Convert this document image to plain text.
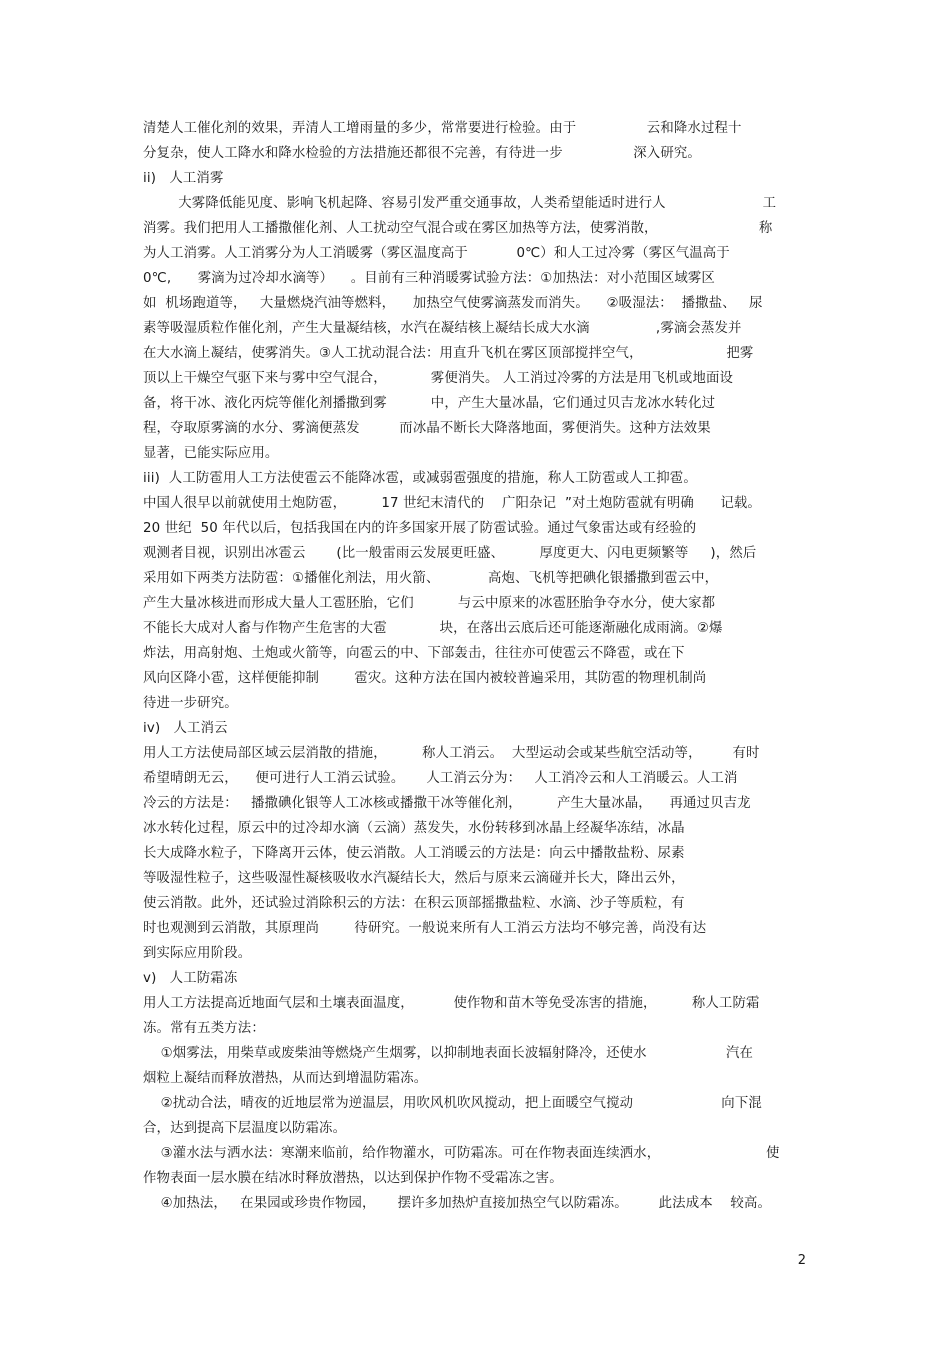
清楚人工催化剂的效果，弄清人工增雨量的多少，常常要进行检验。由于                云和降水过程十
分复杂，使人工降水和降水检验的方法措施还都很不完善，有待进一步                深入研究。
ii)   人工消雾
大雾降低能见度、影响飞机起降、容易引发严重交通事故，人类希望能适时进行人                      工
消雾。我们把用人工播撒催化剂、人工扰动空气混合或在雾区加热等方法，使雾消散，                       称
为人工消雾。人工消雾分为人工消暖雾（雾区温度高于           0℃）和人工过冷雾（雾区气温高于
0℃,      雾滴为过冷却水滴等）    。目前有三种消暖雾试验方法：①加热法：对小范围区域雾区
如  机场跑道等，   大量燃烧汽油等燃料，    加热空气使雾滴蒸发而消失。    ②吸湿法：  播撒盐、   尿
素等吸湿质粒作催化剂，产生大量凝结核，水汽在凝结核上凝结长成大水滴               ,雾滴会蒸发并
在大水滴上凝结，使雾消失。③人工扰动混合法：用直升飞机在雾区顶部搅拌空气，                   把雾
顶以上干燥空气驱下来与雾中空气混合，          雾便消失。 人工消过冷雾的方法是用飞机或地面设
备，将干冰、液化丙烷等催化剂播撒到雾          中，产生大量冰晶，它们通过贝吉龙冰水转化过
程，夺取原雾滴的水分、雾滴便蒸发         而冰晶不断长大降落地面，雾便消失。这种方法效果
显著，已能实际应用。
iii)  人工防雹用人工方法使雹云不能降冰雹，或减弱雹强度的措施，称人工防雹或人工抑雹。
中国人很早以前就使用土炮防雹，        17 世纪末清代的    广阳杂记  ”对土炮防雹就有明确      记载。
20 世纪  50 年代以后，包括我国在内的许多国家开展了防雹试验。通过气象雷达或有经验的
观测者目视，识别出冰雹云       (比一般雷雨云发展更旺盛、        厚度更大、闪电更频繁等     )，然后
采用如下两类方法防雹：①播催化剂法，用火箭、           高炮、飞机等把碘化银播撒到雹云中，
产生大量冰核进而形成大量人工雹胚胎，它们          与云中原来的冰雹胚胎争夺水分，使大家都
不能长大成对人畜与作物产生危害的大雹            块，在落出云底后还可能逐渐融化成雨滴。②爆
炸法，用高射炮、土炮或火箭等，向雹云的中、下部轰击，往往亦可使雹云不降雹，或在下
风向区降小雹，这样便能抑制        雹灾。这种方法在国内被较普遍采用，其防雹的物理机制尚
待进一步研究。
iv)   人工消云
用人工方法使局部区域云层消散的措施，        称人工消云。  大型运动会或某些航空活动等，       有时
希望晴朗无云，    便可进行人工消云试验。     人工消云分为：   人工消冷云和人工消暖云。人工消
冷云的方法是：   播撒碘化银等人工冰核或播撒干冰等催化剂，        产生大量冰晶，    再通过贝吉龙
冰水转化过程，原云中的过冷却水滴（云滴）蒸发失，水份转移到冰晶上经凝华冻结，冰晶
长大成降水粒子，下降离开云体，使云消散。人工消暖云的方法是：向云中播散盐粉、尿素
等吸湿性粒子，这些吸湿性凝核吸收水汽凝结长大，然后与原来云滴碰并长大，降出云外，
使云消散。此外，还试验过消除积云的方法：在积云顶部摇撒盐粒、水滴、沙子等质粒，有
时也观测到云消散，其原理尚        待研究。一般说来所有人工消云方法均不够完善，尚没有达
到实际应用阶段。
v)   人工防霜冻
用人工方法提高近地面气层和土壤表面温度，         使作物和苗木等免受冻害的措施，        称人工防霜
冻。常有五类方法：
①烟雾法，用柴草或废柴油等燃烧产生烟雾，以抑制地表面长波辐射降冷，还使水                  汽在
烟粒上凝结而释放潜热，从而达到增温防霜冻。
②扰动合法，晴夜的近地层常为逆温层，用吹风机吹风搅动，把上面暖空气搅动                    向下混
合，达到提高下层温度以防霜冻。
③灌水法与洒水法：寒潮来临前，给作物灌水，可防霜冻。可在作物表面连续洒水，                        使
作物表面一层水膜在结冰时释放潜热，以达到保护作物不受霜冻之害。
④加热法，   在果园或珍贵作物园，     摆许多加热炉直接加热空气以防霜冻。       此法成本    较高。
2
